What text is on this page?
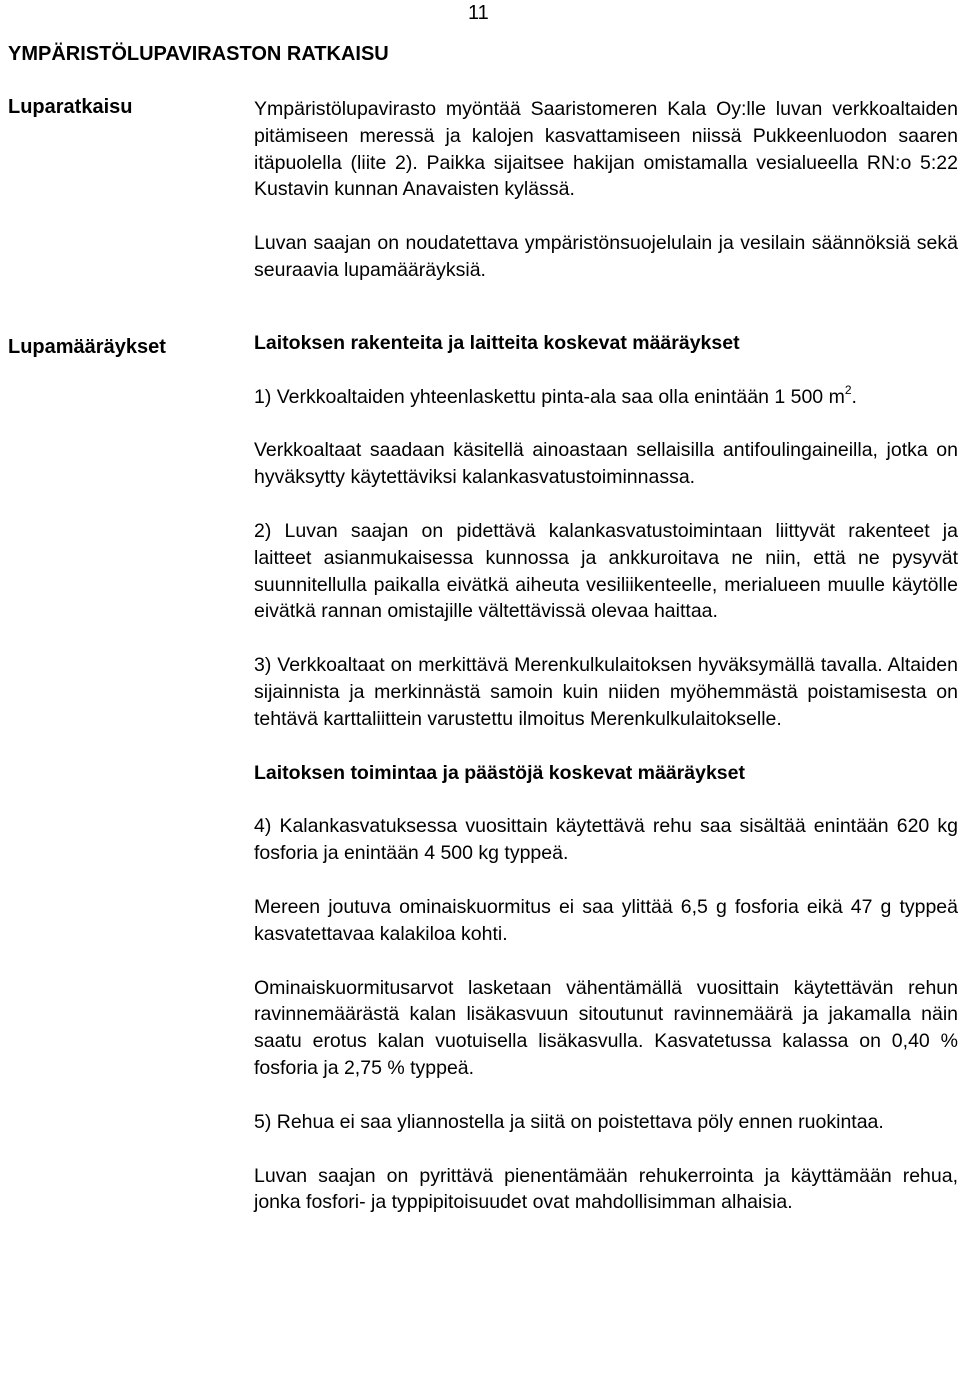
11
YMPÄRISTÖLUPAVIRASTON RATKAISU
Luparatkaisu
Lupamääräykset

Ympäristölupavirasto myöntää Saaristomeren Kala Oy:lle luvan verkkoaltaiden pitämiseen meressä ja kalojen kasvattamiseen niissä Pukkeenluodon saaren itäpuolella (liite 2). Paikka sijaitsee hakijan omistamalla vesialueella RN:o 5:22 Kustavin kunnan Anavaisten kylässä.

Luvan saajan on noudatettava ympäristönsuojelulain ja vesilain säännöksiä sekä seuraavia lupamääräyksiä.

Laitoksen rakenteita ja laitteita koskevat määräykset

1) Verkkoaltaiden yhteenlaskettu pinta-ala saa olla enintään 1 500 $m^2$.

Verkkoaltaat saadaan käsitellä ainoastaan sellaisilla antifoulingaineilla, jotka on hyväksytty käytettäviksi kalankasvatustoiminnassa.

2) Luvan saajan on pidettävä kalankasvatustoimintaan liittyvät rakenteet ja laitteet asianmukaisessa kunnossa ja ankkuroitava ne niin, että ne pysyvät suunnitellulla paikalla eivätkä aiheuta vesiliikenteelle, merialueen muulle käytölle eivätkä rannan omistajille vältettävissä olevaa haittaa.

3) Verkkoaltaat on merkittävä Merenkulkulaitoksen hyväksymällä tavalla. Altaiden sijainnista ja merkinnästä samoin kuin niiden myöhemmästä poistamisesta on tehtävä karttaliittein varustettu ilmoitus Merenkulkulaitokselle.

Laitoksen toimintaa ja päästöjä koskevat määräykset

4) Kalankasvatuksessa vuosittain käytettävä rehu saa sisältää enintään 620 kg fosforia ja enintään 4 500 kg typpeä.

Mereen joutuva ominaiskuormitus ei saa ylittää 6,5 g fosforia eikä 47 g typpeä kasvatettavaa kalakiloa kohti.

Ominaiskuormitusarvot lasketaan vähentämällä vuosittain käytettävän rehun ravinnemäärästä kalan lisäkasvuun sitoutunut ravinnemäärä ja jakamalla näin saatu erotus kalan vuotuisella lisäkasvulla. Kasvatetussa kalassa on 0,40 % fosforia ja 2,75 % typpeä.

5) Rehua ei saa yliannostella ja siitä on poistettava pöly ennen ruokintaa.

Luvan saajan on pyrittävä pienentämään rehukerrointa ja käyttämään rehua, jonka fosfori- ja typpipitoisuudet ovat mahdollisimman alhaisia.
